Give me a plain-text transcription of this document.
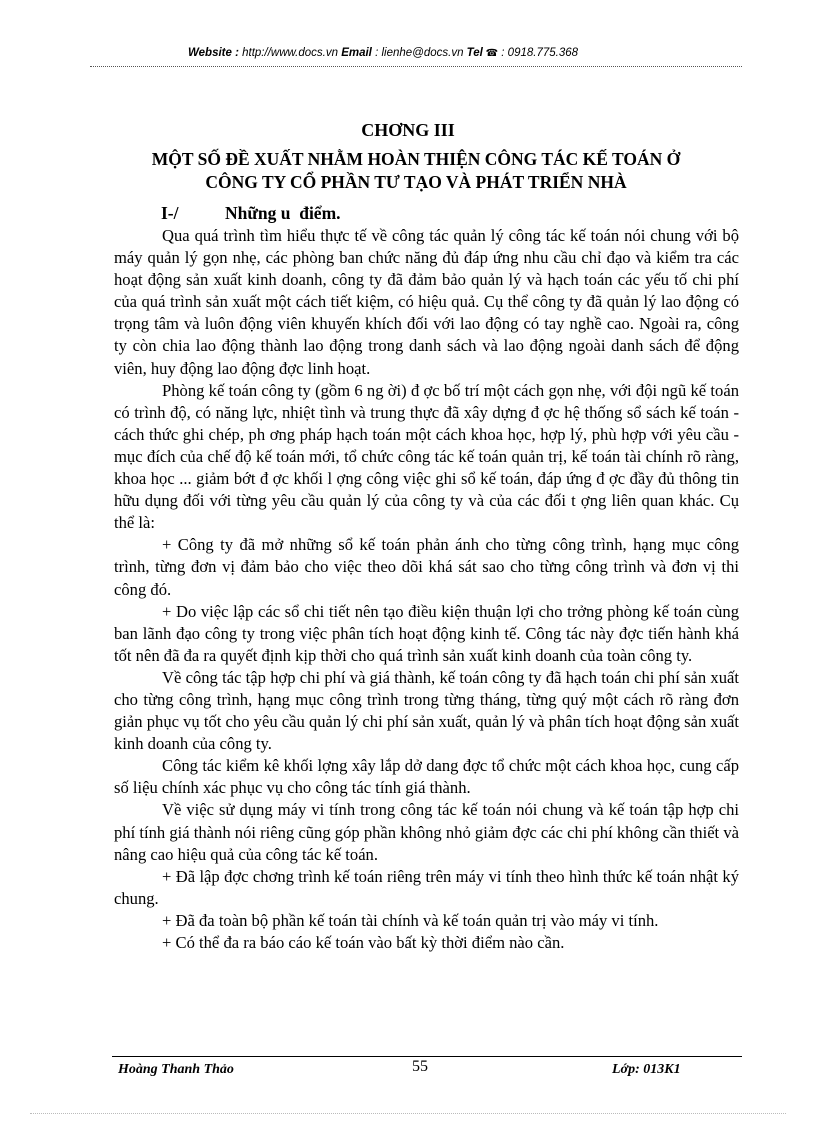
Website : http://www.docs.vn Email : lienhe@docs.vn Tel ☎ : 0918.775.368
CHƠNG III
MỘT SỐ ĐỀ XUẤT NHẰM HOÀN THIỆN CÔNG TÁC KẾ TOÁN Ở
CÔNG TY CỔ PHẦN TƯ TẠO VÀ PHÁT TRIỂN NHÀ
I-/	Những u  điểm.

Qua quá trình tìm hiểu thực tế về công tác quản lý công tác kế toán nói chung với bộ máy quản lý gọn nhẹ, các phòng ban chức năng đủ đáp ứng nhu cầu chỉ đạo và kiểm tra các hoạt động sản xuất kinh doanh, công ty đã đảm bảo quản lý và hạch toán các yếu tố chi phí của quá trình sản xuất một cách tiết kiệm, có hiệu quả. Cụ thể công ty đã quản lý lao động có trọng tâm và luôn động viên khuyến khích đối với lao động có tay nghề cao. Ngoài ra, công ty còn chia lao động thành lao động trong danh sách và lao động ngoài danh sách để động viên, huy động lao động đợc linh hoạt.

Phòng kế toán công ty (gồm 6 ng ời) đ ợc bố trí một cách gọn nhẹ, với đội ngũ kế toán có trình độ, có năng lực, nhiệt tình và trung thực đã xây dựng đ ợc hệ thống sổ sách kế toán - cách thức ghi chép, ph ơng pháp hạch toán một cách khoa học, hợp lý, phù hợp với yêu cầu - mục đích của chế độ kế toán mới, tổ chức công tác kế toán quản trị, kế toán tài chính rõ ràng, khoa học ... giảm bớt đ ợc khối l ợng công việc ghi sổ kế toán, đáp ứng đ ợc đầy đủ thông tin hữu dụng đối với từng yêu cầu quản lý của công ty và của các đối t ợng liên quan khác. Cụ thể là:

+ Công ty đã mở những sổ kế toán phản ánh cho từng công trình, hạng mục công trình, từng đơn vị đảm bảo cho việc theo dõi khá sát sao cho từng công trình và đơn vị thi công đó.

+ Do việc lập các sổ chi tiết nên tạo điều kiện thuận lợi cho trởng phòng kế toán cùng ban lãnh đạo công ty trong việc phân tích hoạt động kinh tế. Công tác này đợc tiến hành khá tốt nên đã đa ra quyết định kịp thời cho quá trình sản xuất kinh doanh của toàn công ty.

Về công tác tập hợp chi phí và giá thành, kế toán công ty đã hạch toán chi phí sản xuất cho từng công trình, hạng mục công trình trong từng tháng, từng quý một cách rõ ràng đơn giản phục vụ tốt cho yêu cầu quản lý chi phí sản xuất, quản lý và phân tích hoạt động sản xuất kinh doanh của công ty.

Công tác kiểm kê khối lợng xây lắp dở dang đợc tổ chức một cách khoa học, cung cấp số liệu chính xác phục vụ cho công tác tính giá thành.

Về việc sử dụng máy vi tính trong công tác kế toán nói chung và kế toán tập hợp chi phí tính giá thành nói riêng cũng góp phần không nhỏ giảm đợc các chi phí không cần thiết và nâng cao hiệu quả của công tác kế toán.

+ Đã lập đợc chơng trình kế toán riêng trên máy vi tính theo hình thức kế toán nhật ký chung.

+ Đã đa toàn bộ phần kế toán tài chính và kế toán quản trị vào máy vi tính.

+ Có thể đa ra báo cáo kế toán vào bất kỳ thời điểm nào cần.

Hoàng Thanh Thảo	55	Lớp: 013K1
